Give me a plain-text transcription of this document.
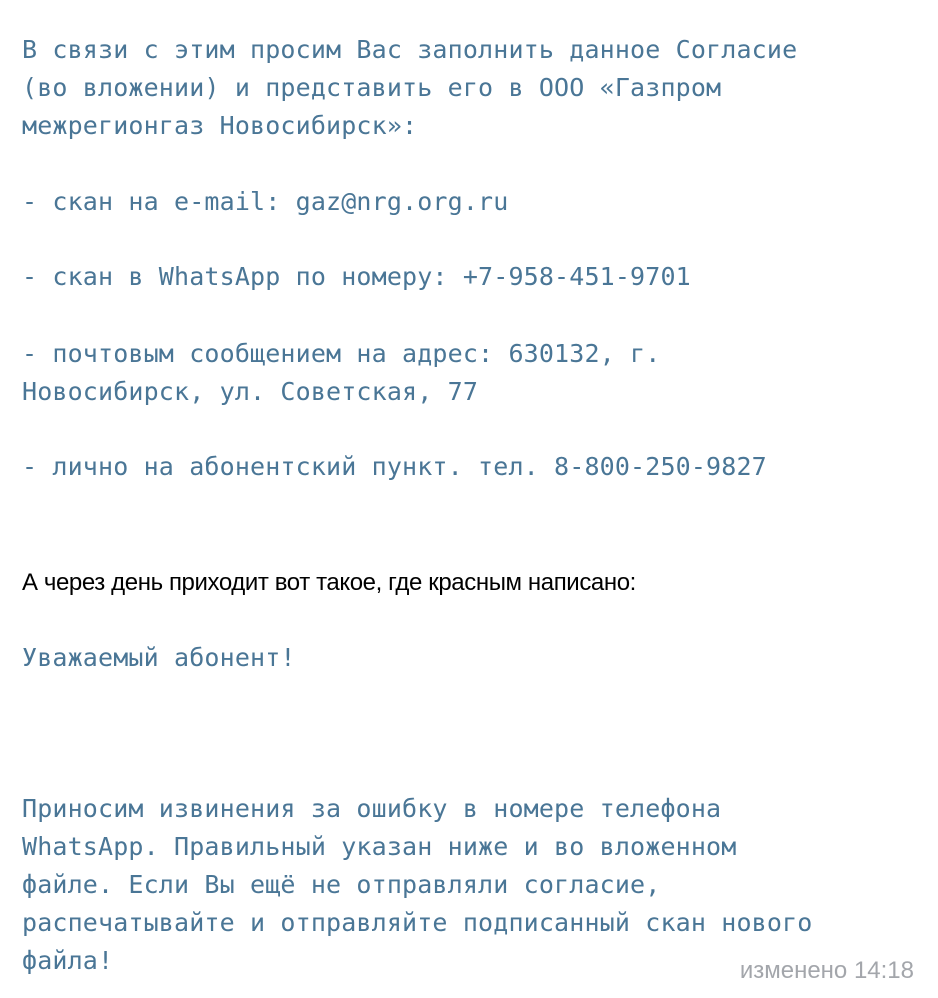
В связи с этим просим Вас заполнить данное Согласие
(во вложении) и представить его в ООО «Газпром
межрегионгаз Новосибирск»:

- скан на e-mail: gaz@nrg.org.ru

- скан в WhatsApp по номеру: +7-958-451-9701

- почтовым сообщением на адрес: 630132, г.
Новосибирск, ул. Советская, 77

- лично на абонентский пункт. тел. 8-800-250-9827

А через день приходит вот такое, где красным написано:

Уважаемый абонент!

Приносим извинения за ошибку в номере телефона
WhatsApp. Правильный указан ниже и во вложенном
файле. Если Вы ещё не отправляли согласие,
распечатывайте и отправляйте подписанный скан нового
файла!	изменено 14:18
